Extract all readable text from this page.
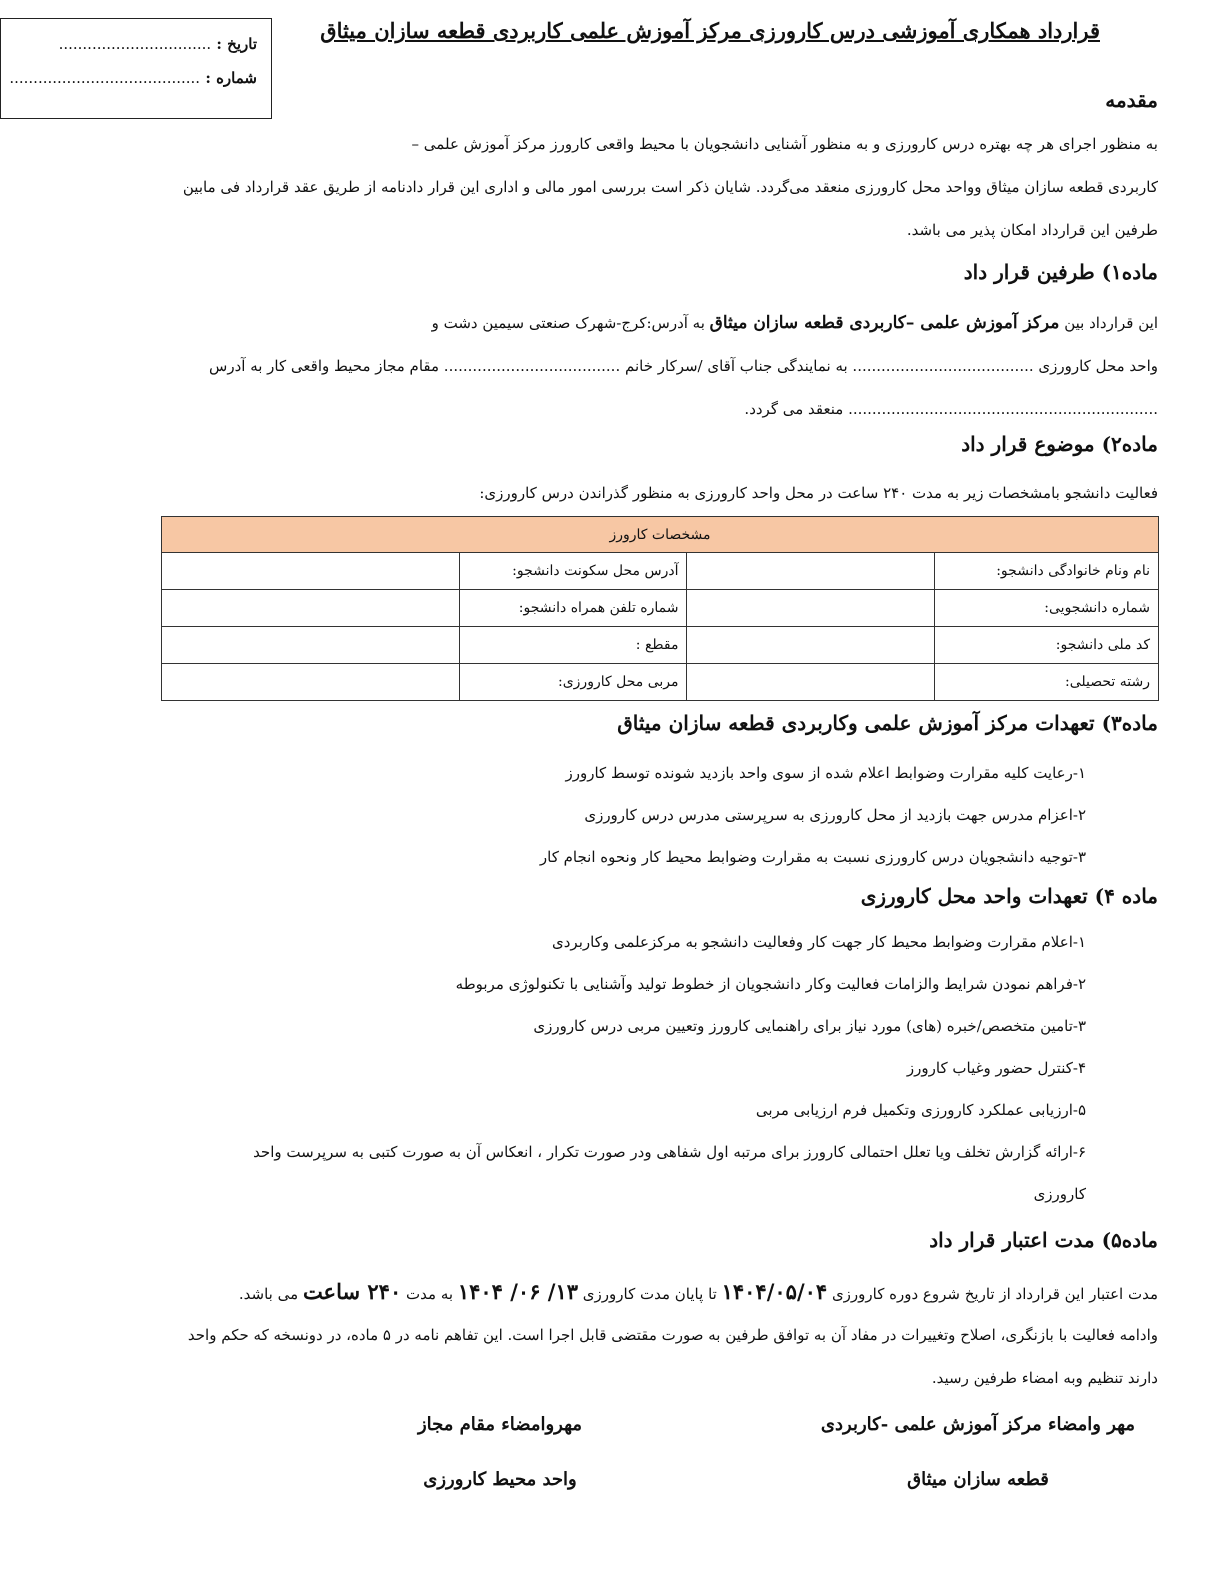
تاریخ : ................................
شماره : ........................................
قرارداد همکاری آموزشی درس کارورزی مرکز آموزش علمی کاربردی قطعه سازان میثاق
مقدمه
به منظور اجرای هر چه بهتره درس کارورزی و به منظور آشنایی دانشجویان با محیط واقعی کارورز مرکز آموزش علمی –
کاربردی قطعه سازان میثاق وواحد محل کارورزی منعقد می‌گردد. شایان ذکر است بررسی امور مالی و اداری این قرار دادنامه از طریق عقد قرارداد فی مابین
طرفین این قرارداد امکان پذیر می باشد.
ماده۱) طرفین قرار داد
این قرارداد بین مرکز آموزش علمی –کاربردی قطعه سازان میثاق به آدرس:کرج-شهرک صنعتی سیمین دشت و
واحد محل کارورزی ...................................... به نمایندگی جناب آقای /سرکار خانم ..................................... مقام مجاز محیط واقعی کار به آدرس
................................................................. منعقد می گردد.
ماده۲) موضوع قرار داد
فعالیت دانشجو بامشخصات زیر به مدت ۲۴۰ ساعت در محل واحد کارورزی به منظور گذراندن درس کارورزی:
مشخصات کارورز			
نام ونام خانوادگی دانشجو:		آدرس محل سکونت دانشجو:	
شماره دانشجویی:		شماره تلفن همراه دانشجو:	
کد ملی دانشجو:		مقطع :	
رشته تحصیلی:		مربی محل کارورزی:	
ماده۳) تعهدات مرکز آموزش علمی وکاربردی قطعه سازان میثاق
۱-رعایت کلیه مقرارت وضوابط اعلام شده از سوی واحد بازدید شونده توسط کارورز
۲-اعزام مدرس جهت بازدید از محل کارورزی به سرپرستی مدرس درس کارورزی
۳-توجیه دانشجویان درس کارورزی نسبت به مقرارت وضوابط محیط کار ونحوه انجام کار
ماده ۴) تعهدات واحد محل کارورزی
۱-اعلام مقرارت وضوابط محیط کار جهت کار وفعالیت دانشجو به مرکزعلمی وکاربردی
۲-فراهم نمودن شرایط والزامات فعالیت وکار دانشجویان از خطوط تولید وآشنایی با تکنولوژی مربوطه
۳-تامین متخصص/خبره (های) مورد نیاز برای راهنمایی کارورز وتعیین مربی درس کارورزی
۴-کنترل حضور وغیاب کارورز
۵-ارزیابی عملکرد کارورزی وتکمیل فرم ارزیابی مربی
۶-ارائه گزارش تخلف ویا تعلل احتمالی کارورز برای مرتبه اول شفاهی ودر صورت تکرار ، انعکاس آن به صورت کتبی به سرپرست واحد
کارورزی
ماده۵) مدت اعتبار قرار داد
مدت اعتبار این قرارداد از تاریخ شروع دوره کارورزی ۱۴۰۴/۰۵/۰۴ تا پایان مدت کارورزی ۱۳/ ۰۶/ ۱۴۰۴ به مدت ۲۴۰ ساعت می باشد.
وادامه فعالیت با بازنگری، اصلاح وتغییرات در مفاد آن به توافق طرفین به صورت مقتضی قابل اجرا است. این تفاهم نامه در ۵ ماده، در دونسخه که حکم واحد
دارند تنظیم وبه امضاء طرفین رسید.
مهر وامضاء مرکز آموزش علمی -کاربردی
قطعه سازان میثاق
مهروامضاء مقام مجاز
واحد محیط کارورزی
